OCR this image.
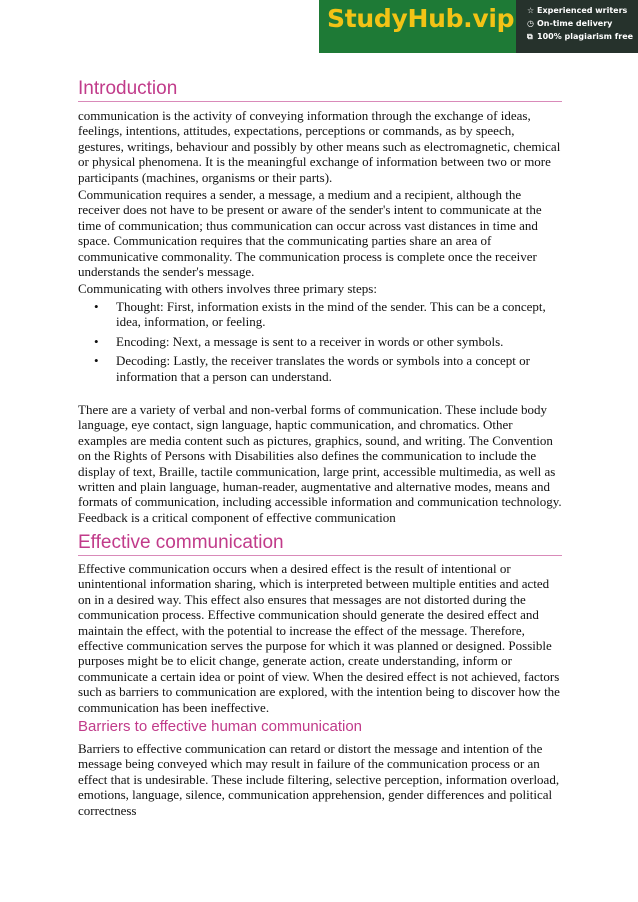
StudyHub.vip ☆ Experienced writers
◷ On-time delivery
⧉ 100% plagiarism free
Introduction

communication is the activity of conveying information through the exchange of ideas, feelings, intentions, attitudes, expectations, perceptions or commands, as by speech, gestures, writings, behaviour and possibly by other means such as electromagnetic, chemical or physical phenomena. It is the meaningful exchange of information between two or more participants (machines, organisms or their parts).

Communication requires a sender, a message, a medium and a recipient, although the receiver does not have to be present or aware of the sender's intent to communicate at the time of communication; thus communication can occur across vast distances in time and space. Communication requires that the communicating parties share an area of communicative commonality. The communication process is complete once the receiver understands the sender's message.

Communicating with others involves three primary steps:

• Thought: First, information exists in the mind of the sender. This can be a concept, idea, information, or feeling.
• Encoding: Next, a message is sent to a receiver in words or other symbols.
• Decoding: Lastly, the receiver translates the words or symbols into a concept or information that a person can understand.

There are a variety of verbal and non-verbal forms of communication. These include body language, eye contact, sign language, haptic communication, and chromatics. Other examples are media content such as pictures, graphics, sound, and writing. The Convention on the Rights of Persons with Disabilities also defines the communication to include the display of text, Braille, tactile communication, large print, accessible multimedia, as well as written and plain language, human-reader, augmentative and alternative modes, means and formats of communication, including accessible information and communication technology. Feedback is a critical component of effective communication

Effective communication

Effective communication occurs when a desired effect is the result of intentional or unintentional information sharing, which is interpreted between multiple entities and acted on in a desired way. This effect also ensures that messages are not distorted during the communication process. Effective communication should generate the desired effect and maintain the effect, with the potential to increase the effect of the message. Therefore, effective communication serves the purpose for which it was planned or designed. Possible purposes might be to elicit change, generate action, create understanding, inform or communicate a certain idea or point of view. When the desired effect is not achieved, factors such as barriers to communication are explored, with the intention being to discover how the communication has been ineffective.

Barriers to effective human communication

Barriers to effective communication can retard or distort the message and intention of the message being conveyed which may result in failure of the communication process or an effect that is undesirable. These include filtering, selective perception, information overload, emotions, language, silence, communication apprehension, gender differences and political correctness
